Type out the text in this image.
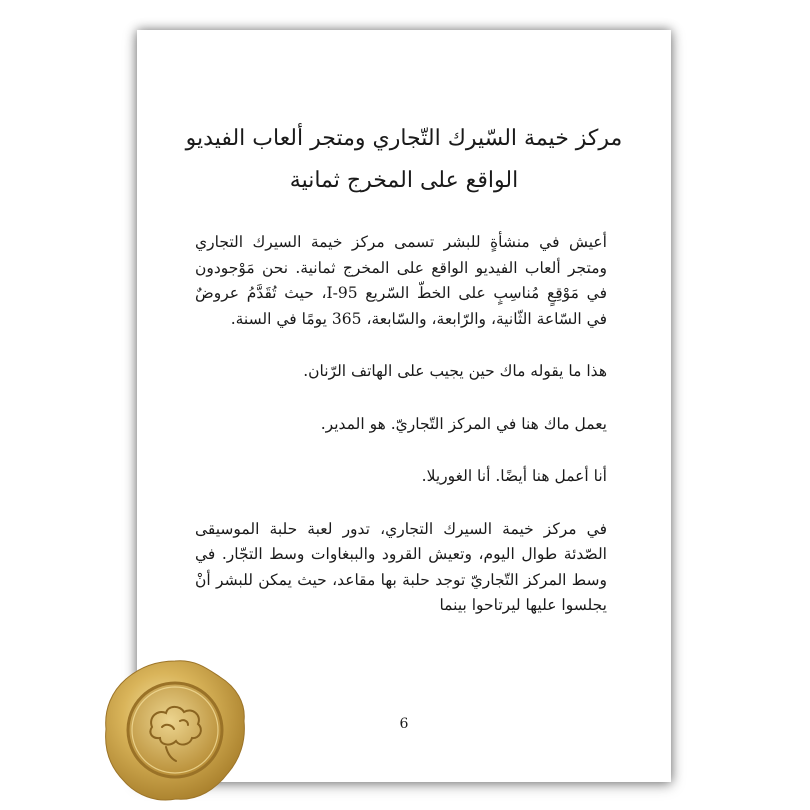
مركز خيمة السّيرك التّجاري ومتجر ألعاب الفيديو
الواقع على المخرج ثمانية

أعيش في منشأةٍ للبشر تسمى مركز خيمة السيرك التجاري ومتجر ألعاب الفيديو الواقع على المخرج ثمانية. نحن مَوْجودون في مَوْقِعٍ مُناسِبٍ على الخطّ السّريع 95-I، حيث تُقَدَّمُ عروضٌ في السّاعة الثّانية، والرّابعة، والسّابعة، 365 يومًا في السنة.

هذا ما يقوله ماك حين يجيب على الهاتف الرّنان.

يعمل ماك هنا في المركز التّجاريّ. هو المدير.

أنا أعمل هنا أيضًا. أنا الغوريلا.

في مركز خيمة السيرك التجاري، تدور لعبة حلبة الموسيقى الصّدئة طوال اليوم، وتعيش القرود والببغاوات وسط التجّار. في وسط المركز التّجاريّ توجد حلبة بها مقاعد، حيث يمكن للبشر أنْ يجلسوا عليها ليرتاحوا بينما

6
